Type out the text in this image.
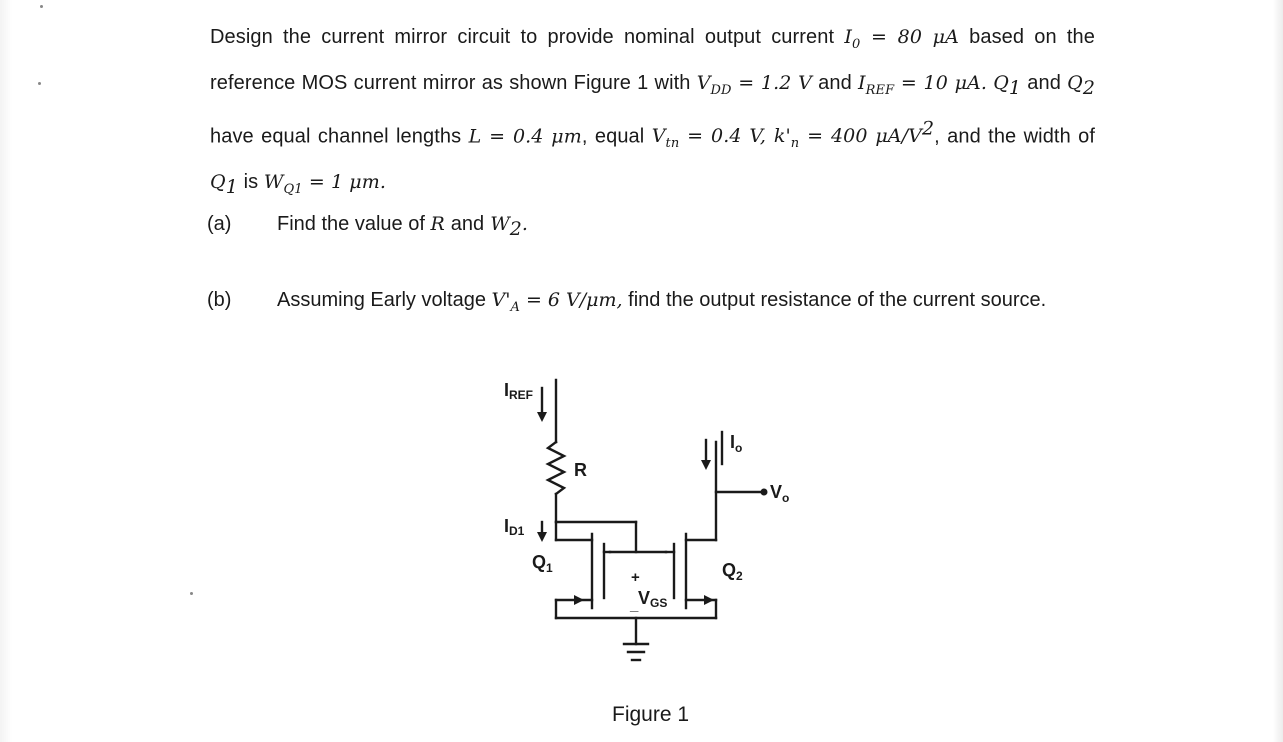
Design the current mirror circuit to provide nominal output current $I_0 = 80$ μA based on the
reference MOS current mirror as shown Figure 1 with $V_{DD} = 1.2$ V and $I_{REF} = 10$ μA. $Q_1$ and $Q_2$
have equal channel lengths L = 0.4 μm, equal $V_{tn} = 0.4$ V, $k'_n = 400$ $\mu A/V^2$, and the width of
$Q_1$ is $W_{Q1} = 1$ μm.
(a) Find the value of R and $W_2$.
(b) Assuming Early voltage $V'_A = 6$ V/μm, find the output resistance of the current source.
IREF
R
$I_o$
$V_o$
ID1
$Q_1$	$Q_2$
+
_ VGS
Figure 1
